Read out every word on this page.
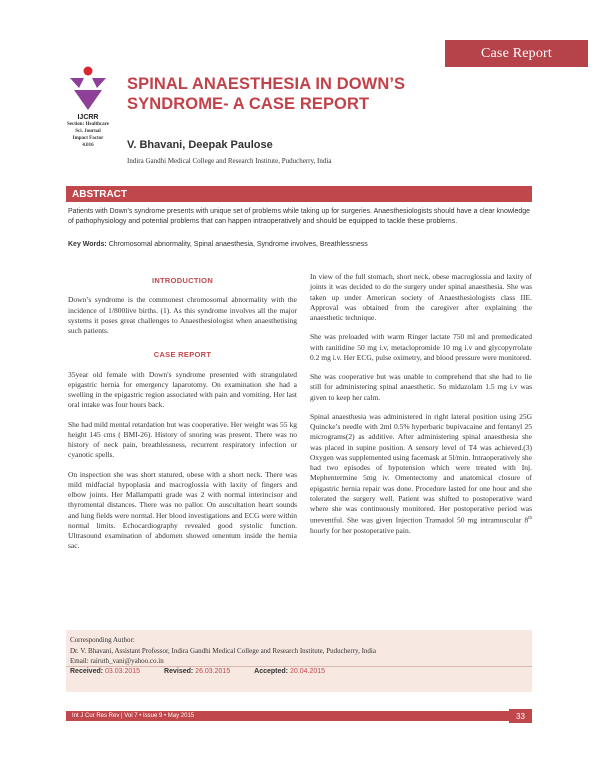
Case Report
IJCRR
Section: Healthcare
Sci. Journal
Impact Factor
4.016
SPINAL ANAESTHESIA IN DOWN’S SYNDROME- A CASE REPORT
V. Bhavani, Deepak Paulose
Indira Gandhi Medical College and Research Institute, Puducherry, India
ABSTRACT
Patients with Down's syndrome presents with unique set of problems while taking up for surgeries. Anaesthesiologists should have a clear knowledge of pathophysiology and potential problems that can happen intraoperatively and should be equipped to tackle these problems.
Key Words: Chromosomal abnormality, Spinal anaesthesia, Syndrome involves, Breathlessness
INTRODUCTION

Down’s syndrome is the commonest chromosomal abnormality with the incidence of 1/800live births. (1). As this syndrome involves all the major systems it poses great challenges to Anaesthesiologist when anaesthetising such patients.

CASE REPORT

35year old female with Down's syndrome presented with strangulated epigastric hernia for emergency laparotomy. On examination she had a swelling in the epigastric region associated with pain and vomiting. Her last oral intake was four hours back.

She had mild mental retardation but was cooperative. Her weight was 55 kg height 145 cms ( BMI-26). History of snoring was present. There was no history of neck pain, breathlessness, recurrent respiratory infection or cyanotic spells.

On inspection she was short statured, obese with a short neck. There was mild midfacial hypoplasia and macroglossia with laxity of fingers and elbow joints. Her Mallampatti grade was 2 with normal interincisor and thyromental distances. There was no pallor. On auscultation heart sounds and lung fields were normal. Her blood investigations and ECG were within normal limits. Echocardiography revealed good systolic function. Ultrasound examination of abdomen showed omentum inside the hernia sac.

In view of the full stomach, short neck, obese macroglossia and laxity of joints it was decided to do the surgery under spinal anaesthesia. She was taken up under American society of Anaesthesiologists class IIE. Approval was obtained from the caregiver after explaining the anaesthetic technique.

She was preloaded with warm Ringer lactate 750 ml and premedicated with ranitidine 50 mg i.v, metaclopromide 10 mg i.v and glycopyrrolate 0.2 mg i.v. Her ECG, pulse oximetry, and blood pressure were monitored.

She was cooperative but was unable to comprehend that she had to lie still for administering spinal anaesthetic. So midazolam 1.5 mg i.v was given to keep her calm.

Spinal anaesthesia was administered in right lateral position using 25G Quincke’s needle with 2ml 0.5% hyperbaric bupivacaine and fentanyl 25 micrograms(2) as additive. After administering spinal anaesthesia she was placed in supine position. A sensory level of T4 was achieved.(3) Oxygen was supplemented using facemask at 5l/min. Intraoperatively she had two episodes of hypotension which were treated with Inj. Mephentermine 5mg iv. Omentectomy and anatomical closure of epigastric hernia repair was done. Procedure lasted for one hour and she tolerated the surgery well. Patient was shifted to postoperative ward where she was continuously monitored. Her postoperative period was uneventful. She was given Injection Tramadol 50 mg intramuscular 8th hourly for her postoperative pain.

Corresponding Author:
Dr. V. Bhavani, Assistant Professor, Indira Gandhi Medical College and Research Institute, Puducherry, India
Email: rairuth_vani@yahoo.co.in
Received: 03.03.2015	Revised: 26.03.2015	Accepted: 20.04.2015
Int J Cur Res Rev | Vol 7 • Issue 9 • May 2015	33
